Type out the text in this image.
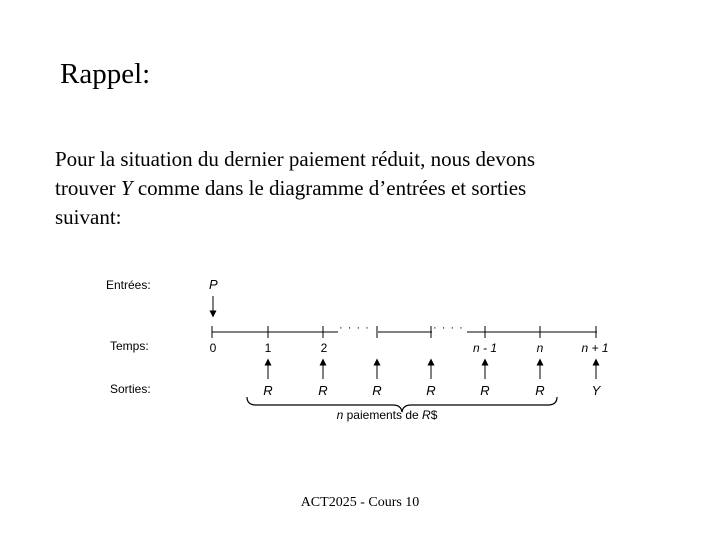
Rappel:
Pour la situation du dernier paiement réduit, nous devons
trouver Y comme dans le diagramme d’entrées et sorties
suivant:
Entrées:
Temps:
Sorties:
P
· · · ·	· · · ·
0	1	2	n - 1	n	n + 1
R	R	R	R	R	R	Y
n paiements de R$
ACT2025 - Cours 10
